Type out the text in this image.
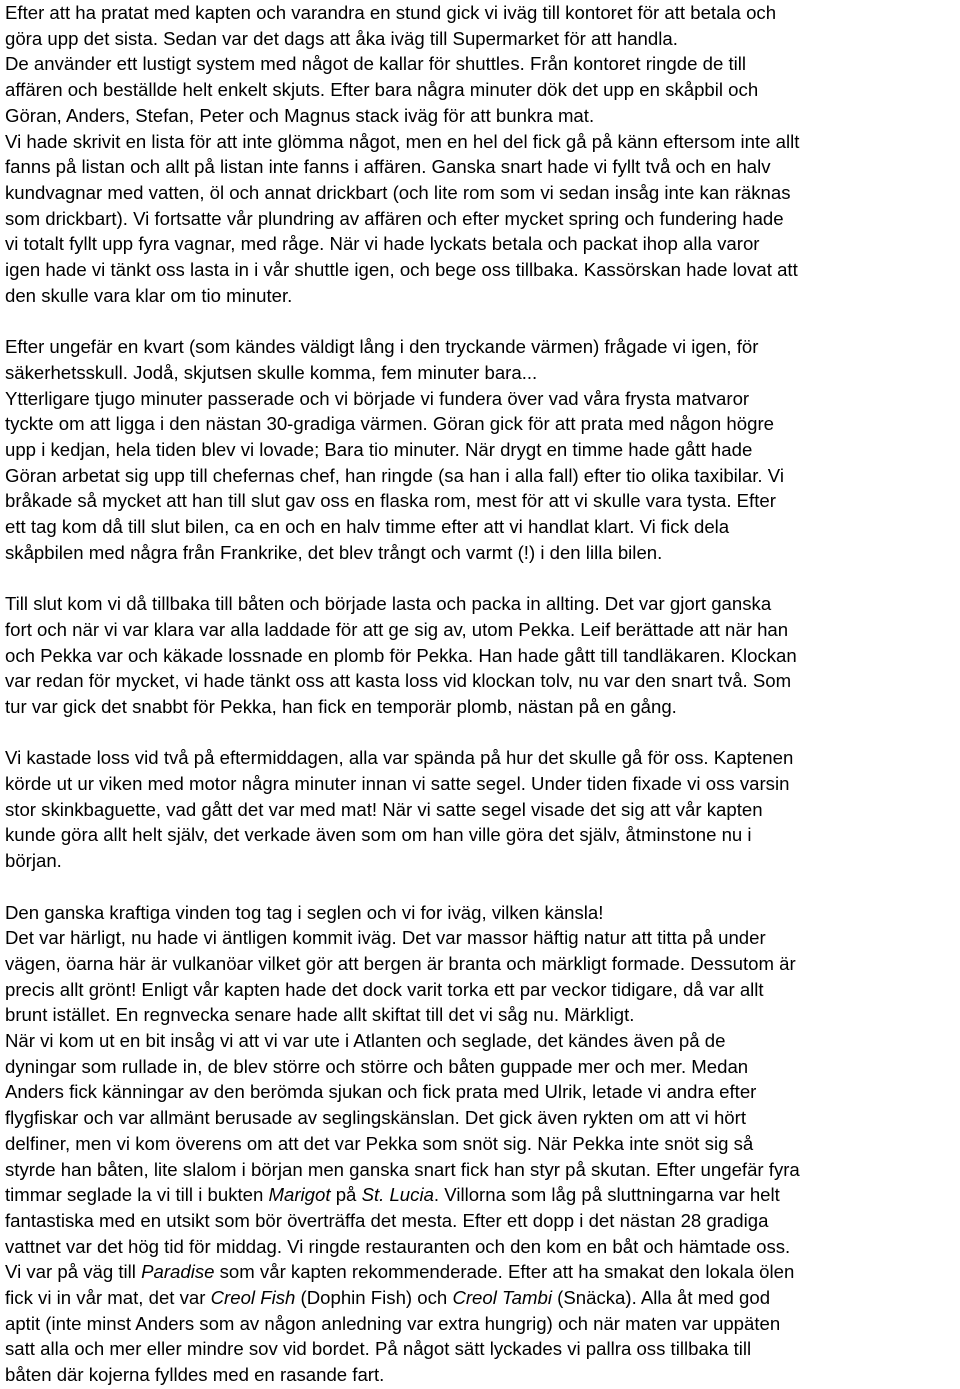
Efter att ha pratat med kapten och varandra en stund gick vi iväg till kontoret för att betala och
göra upp det sista. Sedan var det dags att åka iväg till Supermarket för att handla.
De använder ett lustigt system med något de kallar för shuttles. Från kontoret ringde de till
affären och beställde helt enkelt skjuts. Efter bara några minuter dök det upp en skåpbil och
Göran, Anders, Stefan, Peter och Magnus stack iväg för att bunkra mat.
Vi hade skrivit en lista för att inte glömma något, men en hel del fick gå på känn eftersom inte allt
fanns på listan och allt på listan inte fanns i affären. Ganska snart hade vi fyllt två och en halv
kundvagnar med vatten, öl och annat drickbart (och lite rom som vi sedan insåg inte kan räknas
som drickbart). Vi fortsatte vår plundring av affären och efter mycket spring och fundering hade
vi totalt fyllt upp fyra vagnar, med råge. När vi hade lyckats betala och packat ihop alla varor
igen hade vi tänkt oss lasta in i vår shuttle igen, och bege oss tillbaka. Kassörskan hade lovat att
den skulle vara klar om tio minuter.
Efter ungefär en kvart (som kändes väldigt lång i den tryckande värmen) frågade vi igen, för
säkerhetsskull. Jodå, skjutsen skulle komma, fem minuter bara...
Ytterligare tjugo minuter passerade och vi började vi fundera över vad våra frysta matvaror
tyckte om att ligga i den nästan 30-gradiga värmen. Göran gick för att prata med någon högre
upp i kedjan, hela tiden blev vi lovade; Bara tio minuter. När drygt en timme hade gått hade
Göran arbetat sig upp till chefernas chef, han ringde (sa han i alla fall) efter tio olika taxibilar. Vi
bråkade så mycket att han till slut gav oss en flaska rom, mest för att vi skulle vara tysta. Efter
ett tag kom då till slut bilen, ca en och en halv timme efter att vi handlat klart. Vi fick dela
skåpbilen med några från Frankrike, det blev trångt och varmt (!) i den lilla bilen.
Till slut kom vi då tillbaka till båten och började lasta och packa in allting. Det var gjort ganska
fort och när vi var klara var alla laddade för att ge sig av, utom Pekka. Leif berättade att när han
och Pekka var och käkade lossnade en plomb för Pekka. Han hade gått till tandläkaren. Klockan
var redan för mycket, vi hade tänkt oss att kasta loss vid klockan tolv, nu var den snart två. Som
tur var gick det snabbt för Pekka, han fick en temporär plomb, nästan på en gång.
Vi kastade loss vid två på eftermiddagen, alla var spända på hur det skulle gå för oss. Kaptenen
körde ut ur viken med motor några minuter innan vi satte segel. Under tiden fixade vi oss varsin
stor skinkbaguette, vad gått det var med mat! När vi satte segel visade det sig att vår kapten
kunde göra allt helt själv, det verkade även som om han ville göra det själv, åtminstone nu i
början.
Den ganska kraftiga vinden tog tag i seglen och vi for iväg, vilken känsla!
Det var härligt, nu hade vi äntligen kommit iväg. Det var massor häftig natur att titta på under
vägen, öarna här är vulkanöar vilket gör att bergen är branta och märkligt formade. Dessutom är
precis allt grönt! Enligt vår kapten hade det dock varit torka ett par veckor tidigare, då var allt
brunt istället. En regnvecka senare hade allt skiftat till det vi såg nu. Märkligt.
När vi kom ut en bit insåg vi att vi var ute i Atlanten och seglade, det kändes även på de
dyningar som rullade in, de blev större och större och båten guppade mer och mer. Medan
Anders fick känningar av den berömda sjukan och fick prata med Ulrik, letade vi andra efter
flygfiskar och var allmänt berusade av seglingskänslan. Det gick även rykten om att vi hört
delfiner, men vi kom överens om att det var Pekka som snöt sig. När Pekka inte snöt sig så
styrde han båten, lite slalom i början men ganska snart fick han styr på skutan. Efter ungefär fyra
timmar seglade la vi till i bukten Marigot på St. Lucia. Villorna som låg på sluttningarna var helt
fantastiska med en utsikt som bör överträffa det mesta. Efter ett dopp i det nästan 28 gradiga
vattnet var det hög tid för middag. Vi ringde restauranten och den kom en båt och hämtade oss.
Vi var på väg till Paradise som vår kapten rekommenderade. Efter att ha smakat den lokala ölen
fick vi in vår mat, det var Creol Fish (Dophin Fish) och Creol Tambi (Snäcka). Alla åt med god
aptit (inte minst Anders som av någon anledning var extra hungrig) och när maten var uppäten
satt alla och mer eller mindre sov vid bordet. På något sätt lyckades vi pallra oss tillbaka till
båten där kojerna fylldes med en rasande fart.
